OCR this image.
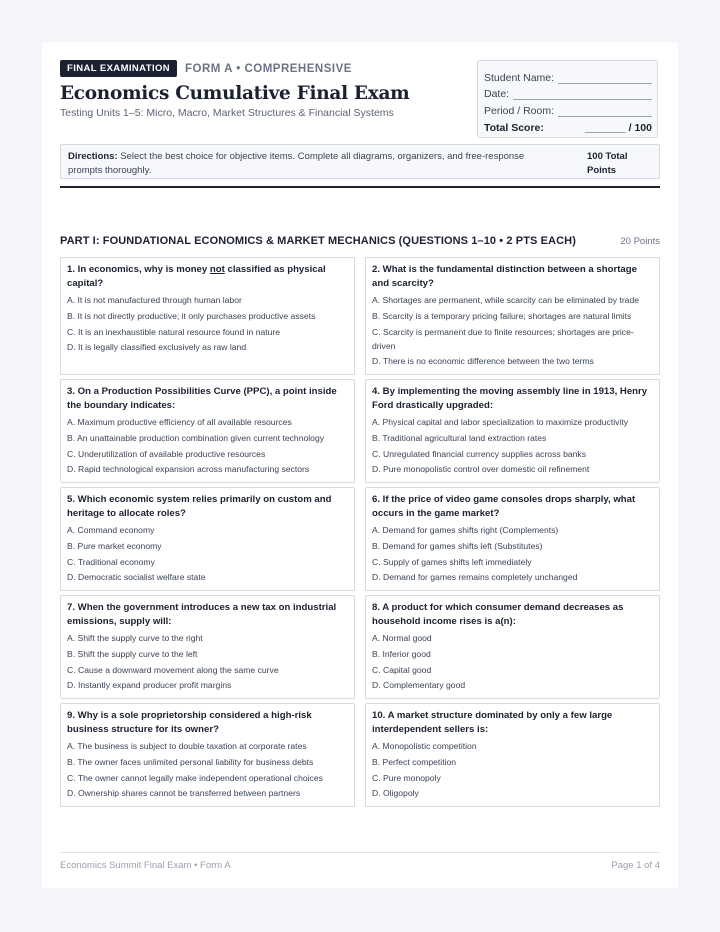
FINAL EXAMINATION	FORM A • COMPREHENSIVE
Economics Cumulative Final Exam
Testing Units 1–5: Micro, Macro, Market Structures & Financial Systems
Student Name:
Date:
Period / Room:
Total Score:	_______ / 100
Directions: Select the best choice for objective items. Complete all diagrams, organizers, and free-response prompts thoroughly.
100 Total Points
PART I: FOUNDATIONAL ECONOMICS & MARKET MECHANICS (QUESTIONS 1–10 • 2 PTS EACH)	20 Points
1. In economics, why is money not classified as physical capital?
A. It is not manufactured through human labor
B. It is not directly productive; it only purchases productive assets
C. It is an inexhaustible natural resource found in nature
D. It is legally classified exclusively as raw land
2. What is the fundamental distinction between a shortage and scarcity?
A. Shortages are permanent, while scarcity can be eliminated by trade
B. Scarcity is a temporary pricing failure; shortages are natural limits
C. Scarcity is permanent due to finite resources; shortages are price-driven
D. There is no economic difference between the two terms
3. On a Production Possibilities Curve (PPC), a point inside the boundary indicates:
A. Maximum productive efficiency of all available resources
B. An unattainable production combination given current technology
C. Underutilization of available productive resources
D. Rapid technological expansion across manufacturing sectors
4. By implementing the moving assembly line in 1913, Henry Ford drastically upgraded:
A. Physical capital and labor specialization to maximize productivity
B. Traditional agricultural land extraction rates
C. Unregulated financial currency supplies across banks
D. Pure monopolistic control over domestic oil refinement
5. Which economic system relies primarily on custom and heritage to allocate roles?
A. Command economy
B. Pure market economy
C. Traditional economy
D. Democratic socialist welfare state
6. If the price of video game consoles drops sharply, what occurs in the game market?
A. Demand for games shifts right (Complements)
B. Demand for games shifts left (Substitutes)
C. Supply of games shifts left immediately
D. Demand for games remains completely unchanged
7. When the government introduces a new tax on industrial emissions, supply will:
A. Shift the supply curve to the right
B. Shift the supply curve to the left
C. Cause a downward movement along the same curve
D. Instantly expand producer profit margins
8. A product for which consumer demand decreases as household income rises is a(n):
A. Normal good
B. Inferior good
C. Capital good
D. Complementary good
9. Why is a sole proprietorship considered a high-risk business structure for its owner?
A. The business is subject to double taxation at corporate rates
B. The owner faces unlimited personal liability for business debts
C. The owner cannot legally make independent operational choices
D. Ownership shares cannot be transferred between partners
10. A market structure dominated by only a few large interdependent sellers is:
A. Monopolistic competition
B. Perfect competition
C. Pure monopoly
D. Oligopoly
Economics Summit Final Exam • Form A	Page 1 of 4
